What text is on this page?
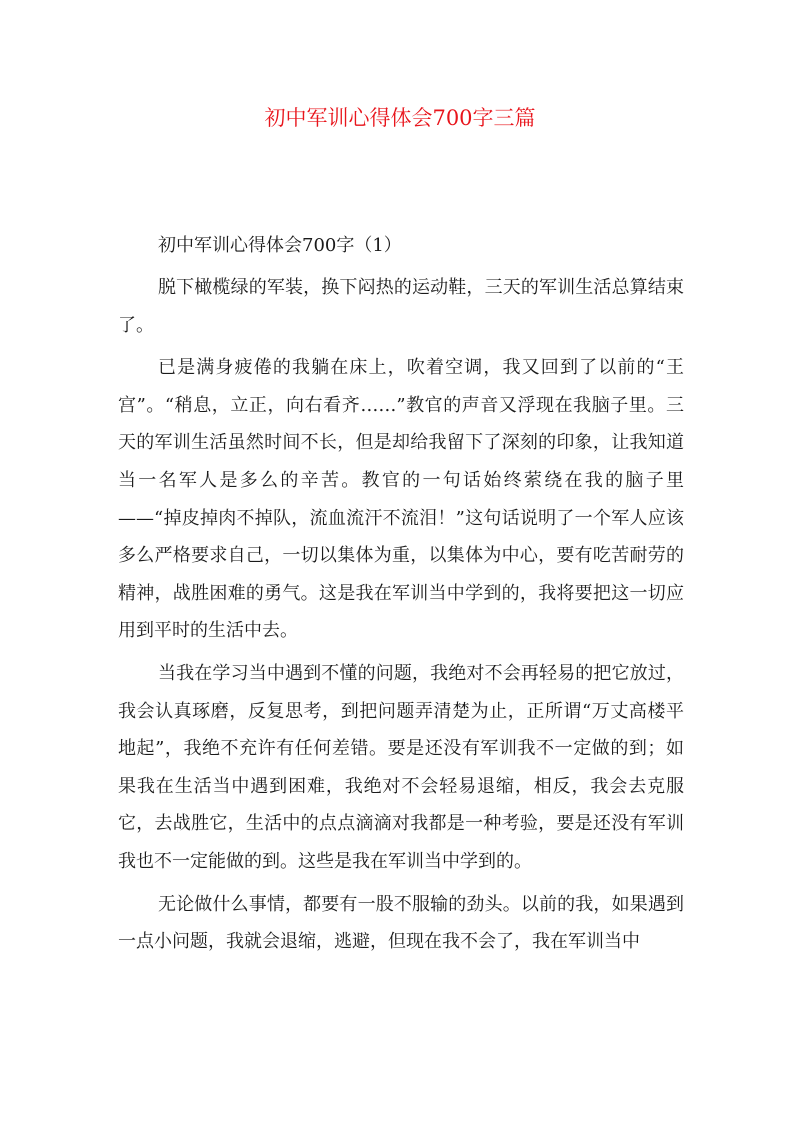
初中军训心得体会700字三篇

初中军训心得体会700字（1）

脱下橄榄绿的军装，换下闷热的运动鞋，三天的军训生活总算结束了。

已是满身疲倦的我躺在床上，吹着空调，我又回到了以前的“王宫”。“稍息，立正，向右看齐……”教官的声音又浮现在我脑子里。三天的军训生活虽然时间不长，但是却给我留下了深刻的印象，让我知道当一名军人是多么的辛苦。教官的一句话始终萦绕在我的脑子里——“掉皮掉肉不掉队，流血流汗不流泪！”这句话说明了一个军人应该多么严格要求自己，一切以集体为重，以集体为中心，要有吃苦耐劳的精神，战胜困难的勇气。这是我在军训当中学到的，我将要把这一切应用到平时的生活中去。

当我在学习当中遇到不懂的问题，我绝对不会再轻易的把它放过，我会认真琢磨，反复思考，到把问题弄清楚为止，正所谓“万丈高楼平地起”，我绝不充许有任何差错。要是还没有军训我不一定做的到；如果我在生活当中遇到困难，我绝对不会轻易退缩，相反，我会去克服它，去战胜它，生活中的点点滴滴对我都是一种考验，要是还没有军训我也不一定能做的到。这些是我在军训当中学到的。

无论做什么事情，都要有一股不服输的劲头。以前的我，如果遇到一点小问题，我就会退缩，逃避，但现在我不会了，我在军训当中
